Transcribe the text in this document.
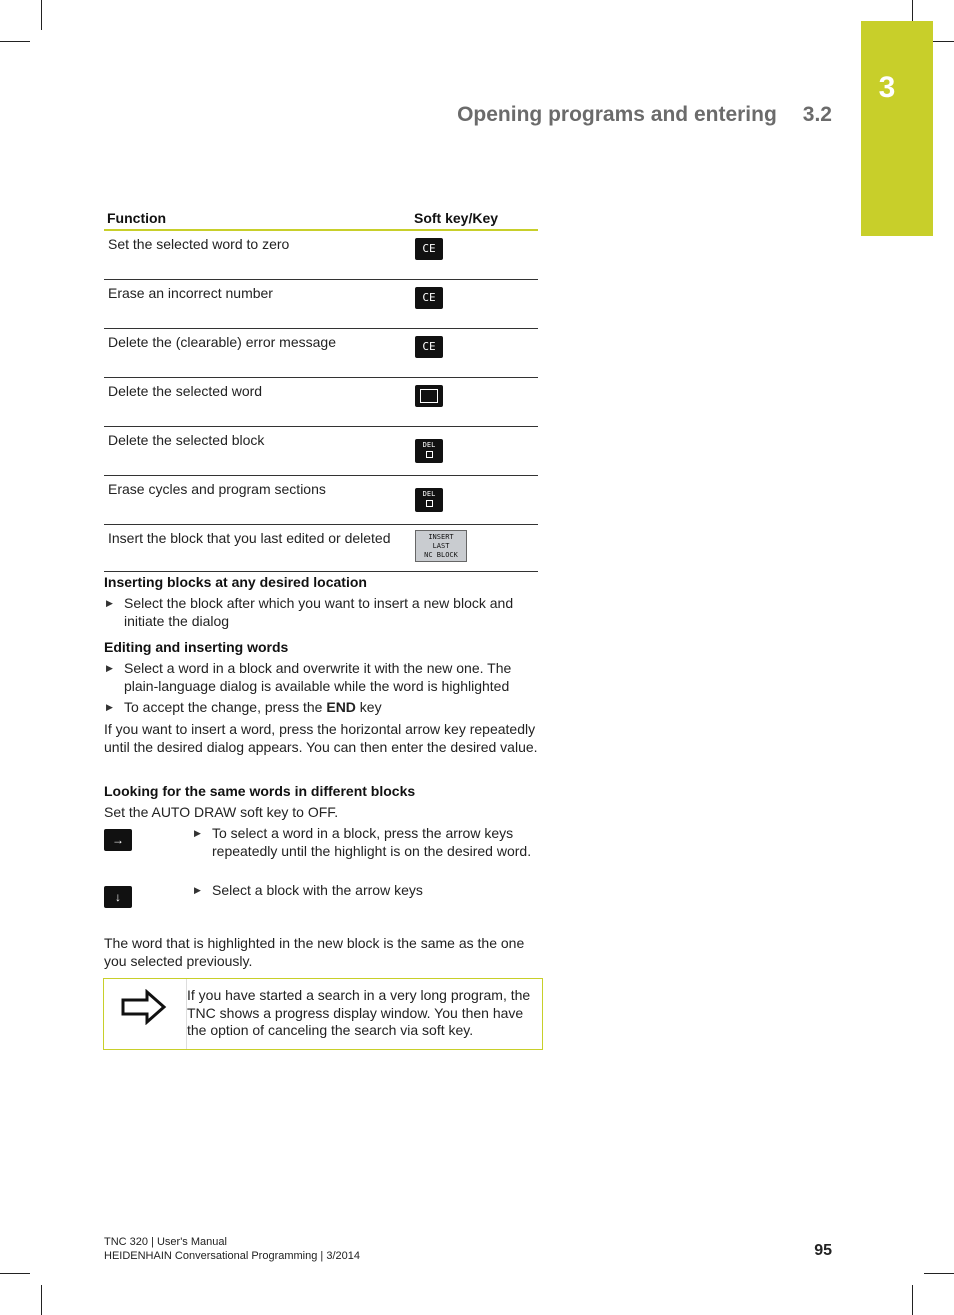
3
Opening programs and entering 3.2
Function	Soft key/Key
Set the selected word to zero	CE
Erase an incorrect number	CE
Delete the (clearable) error message	CE
Delete the selected word	

Delete the selected block	DEL

Erase cycles and program sections	DEL

Insert the block that you last edited or deleted	INSERT
LAST
NC BLOCK
Inserting blocks at any desired location
▶ Select the block after which you want to insert a new block and initiate the dialog
Editing and inserting words
▶ Select a word in a block and overwrite it with the new one. The plain-language dialog is available while the word is highlighted
▶ To accept the change, press the END key
If you want to insert a word, press the horizontal arrow key repeatedly until the desired dialog appears. You can then enter the desired value.
Looking for the same words in different blocks
Set the AUTO DRAW soft key to OFF.
→	▶ To select a word in a block, press the arrow keys repeatedly until the highlight is on the desired word.
↓	▶ Select a block with the arrow keys
The word that is highlighted in the new block is the same as the one you selected previously.
If you have started a search in a very long program, the TNC shows a progress display window. You then have the option of canceling the search via soft key.
TNC 320 | User's Manual
HEIDENHAIN Conversational Programming | 3/2014	95
